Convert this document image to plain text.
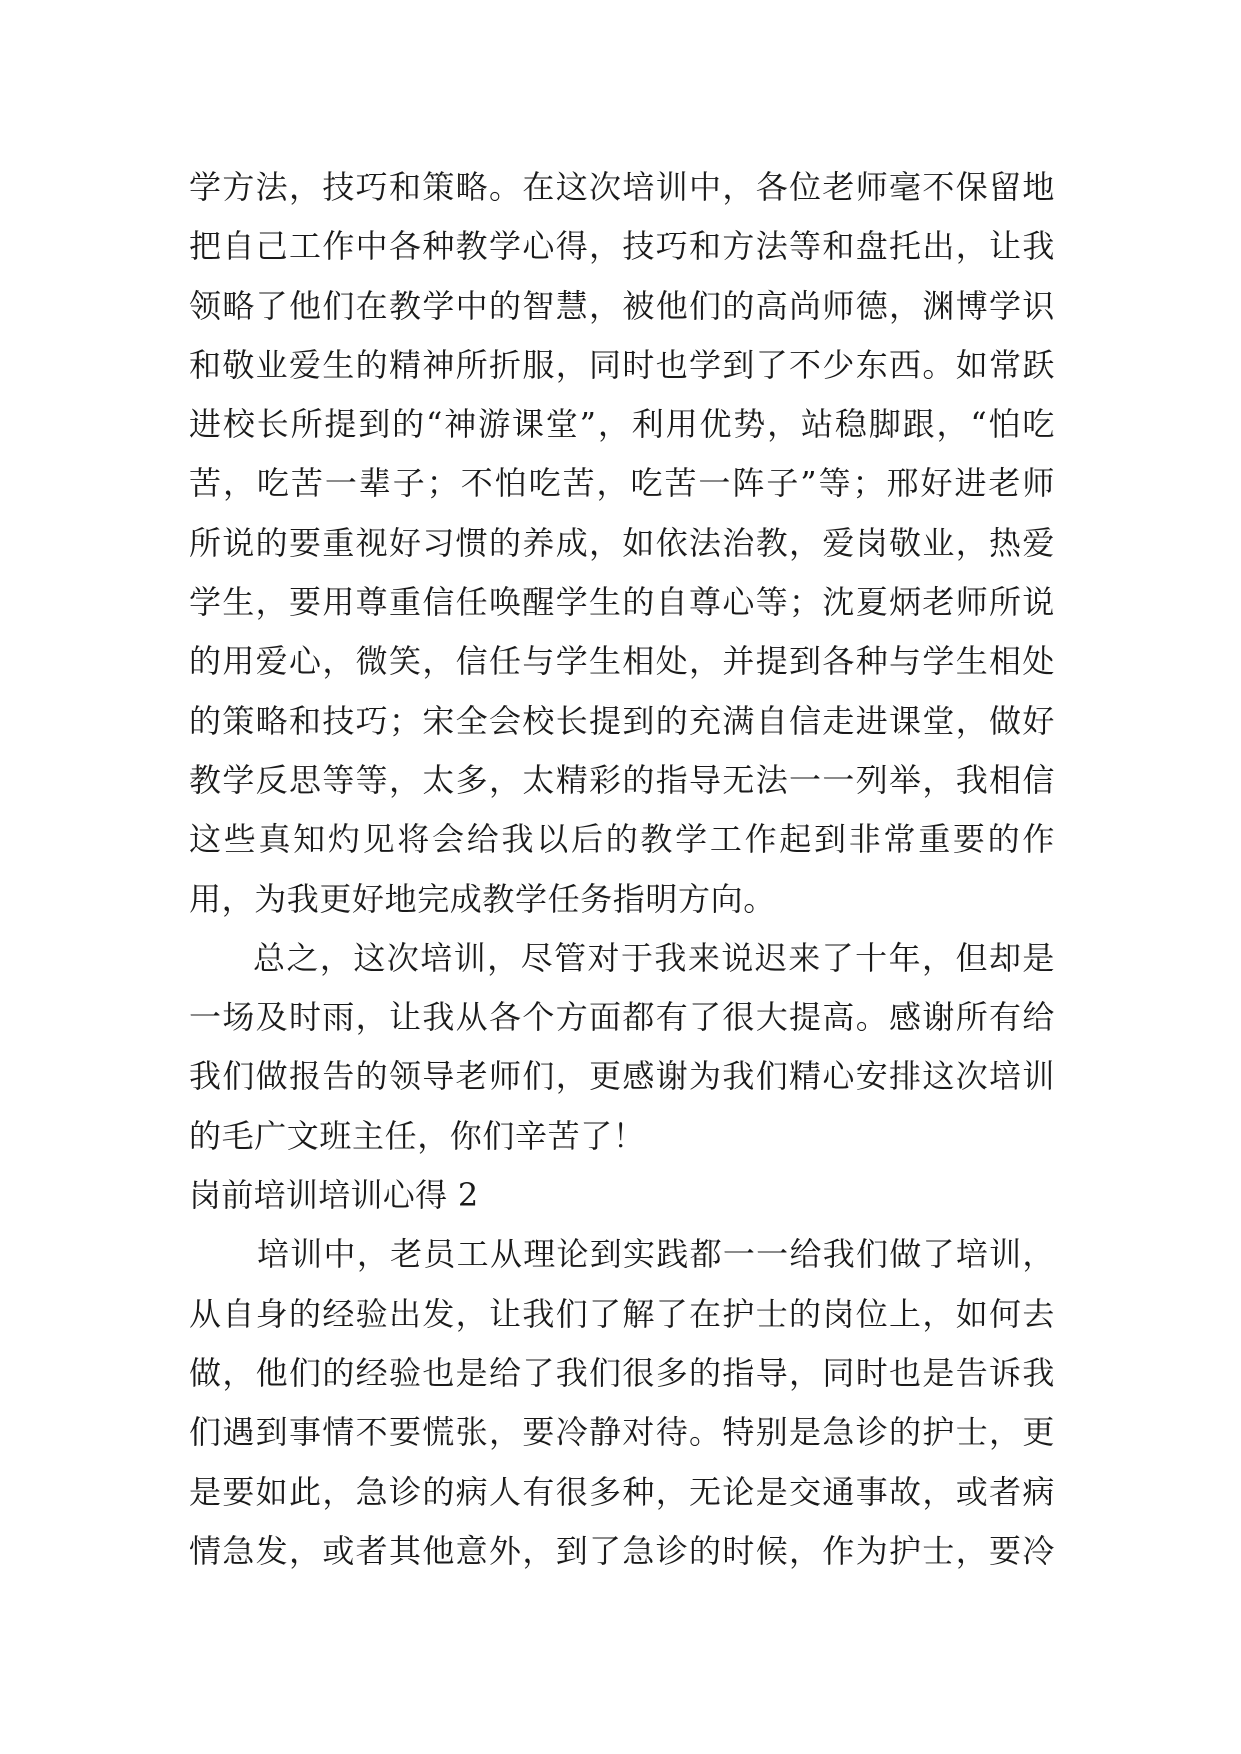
学方法，技巧和策略。在这次培训中，各位老师毫不保留地
把自己工作中各种教学心得，技巧和方法等和盘托出，让我
领略了他们在教学中的智慧，被他们的高尚师德，渊博学识
和敬业爱生的精神所折服，同时也学到了不少东西。如常跃
进校长所提到的“神游课堂”，利用优势，站稳脚跟，“怕吃
苦，吃苦一辈子；不怕吃苦，吃苦一阵子”等；邢好进老师
所说的要重视好习惯的养成，如依法治教，爱岗敬业，热爱
学生，要用尊重信任唤醒学生的自尊心等；沈夏炳老师所说
的用爱心，微笑，信任与学生相处，并提到各种与学生相处
的策略和技巧；宋全会校长提到的充满自信走进课堂，做好
教学反思等等，太多，太精彩的指导无法一一列举，我相信
这些真知灼见将会给我以后的教学工作起到非常重要的作
用，为我更好地完成教学任务指明方向。
总之，这次培训，尽管对于我来说迟来了十年，但却是
一场及时雨，让我从各个方面都有了很大提高。感谢所有给
我们做报告的领导老师们，更感谢为我们精心安排这次培训
的毛广文班主任，你们辛苦了！
岗前培训培训心得 2
培训中，老员工从理论到实践都一一给我们做了培训，
从自身的经验出发，让我们了解了在护士的岗位上，如何去
做，他们的经验也是给了我们很多的指导，同时也是告诉我
们遇到事情不要慌张，要冷静对待。特别是急诊的护士，更
是要如此，急诊的病人有很多种，无论是交通事故，或者病
情急发，或者其他意外，到了急诊的时候，作为护士，要冷
